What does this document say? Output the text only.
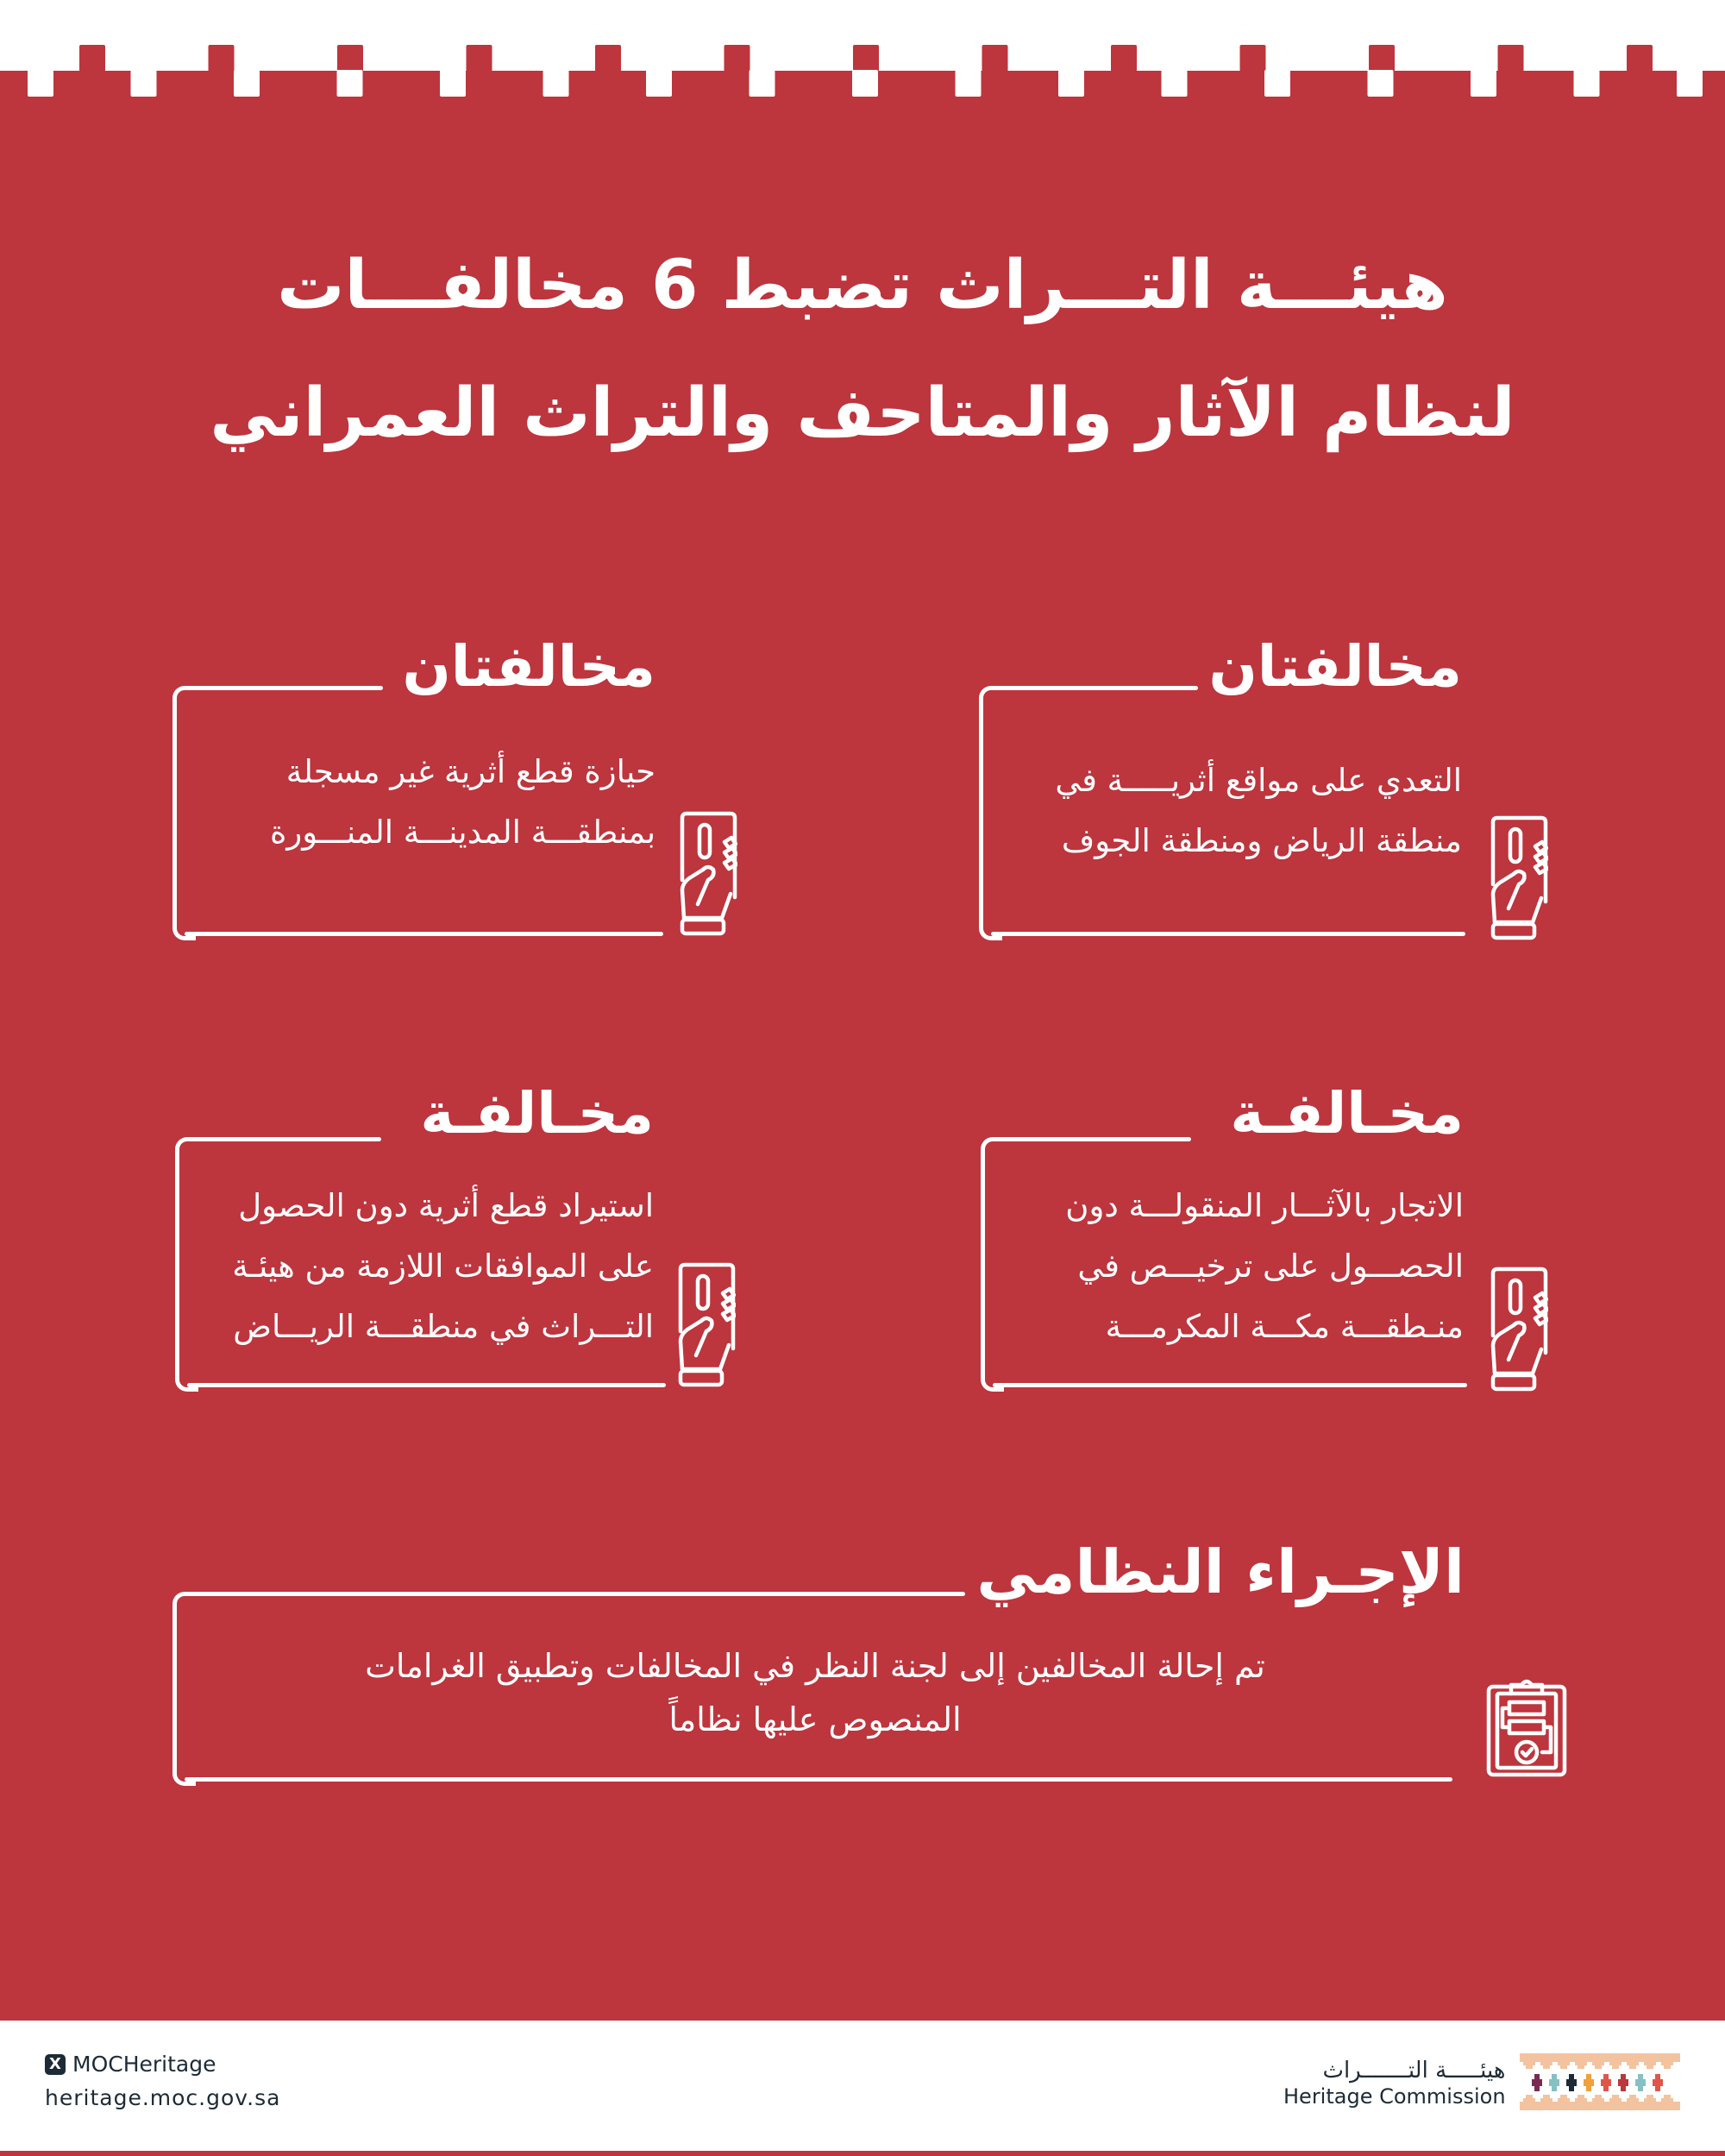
هيئـــة التـــراث تضبط 6 مخالفـــات
لنظام الآثار والمتاحف والتراث العمراني
مخالفتان
التعدي على مواقع أثريـــــة في
منطقة الرياض ومنطقة الجوف
مخالفتان
حيازة قطع أثرية غير مسجلة
بمنطقـــة المدينـــة المنـــورة
مخـالفـة
الاتجار بالآثـــار المنقولـــة دون
الحصـــول على ترخيـــص في
منـطقـــة مكـــة المكرمـــة
مخـالفـة
استيراد قطع أثرية دون الحصول
على الموافقات اللازمة من هيئـة
التـــراث في منطقـــة الريـــاض
الإجـراء النظامي
تم إحالة المخالفين إلى لجنة النظر في المخالفات وتطبيق الغرامات
المنصوص عليها نظاماً
X MOCHeritage
heritage.moc.gov.sa
هيئـــــة التـــــــراث
Heritage Commission
